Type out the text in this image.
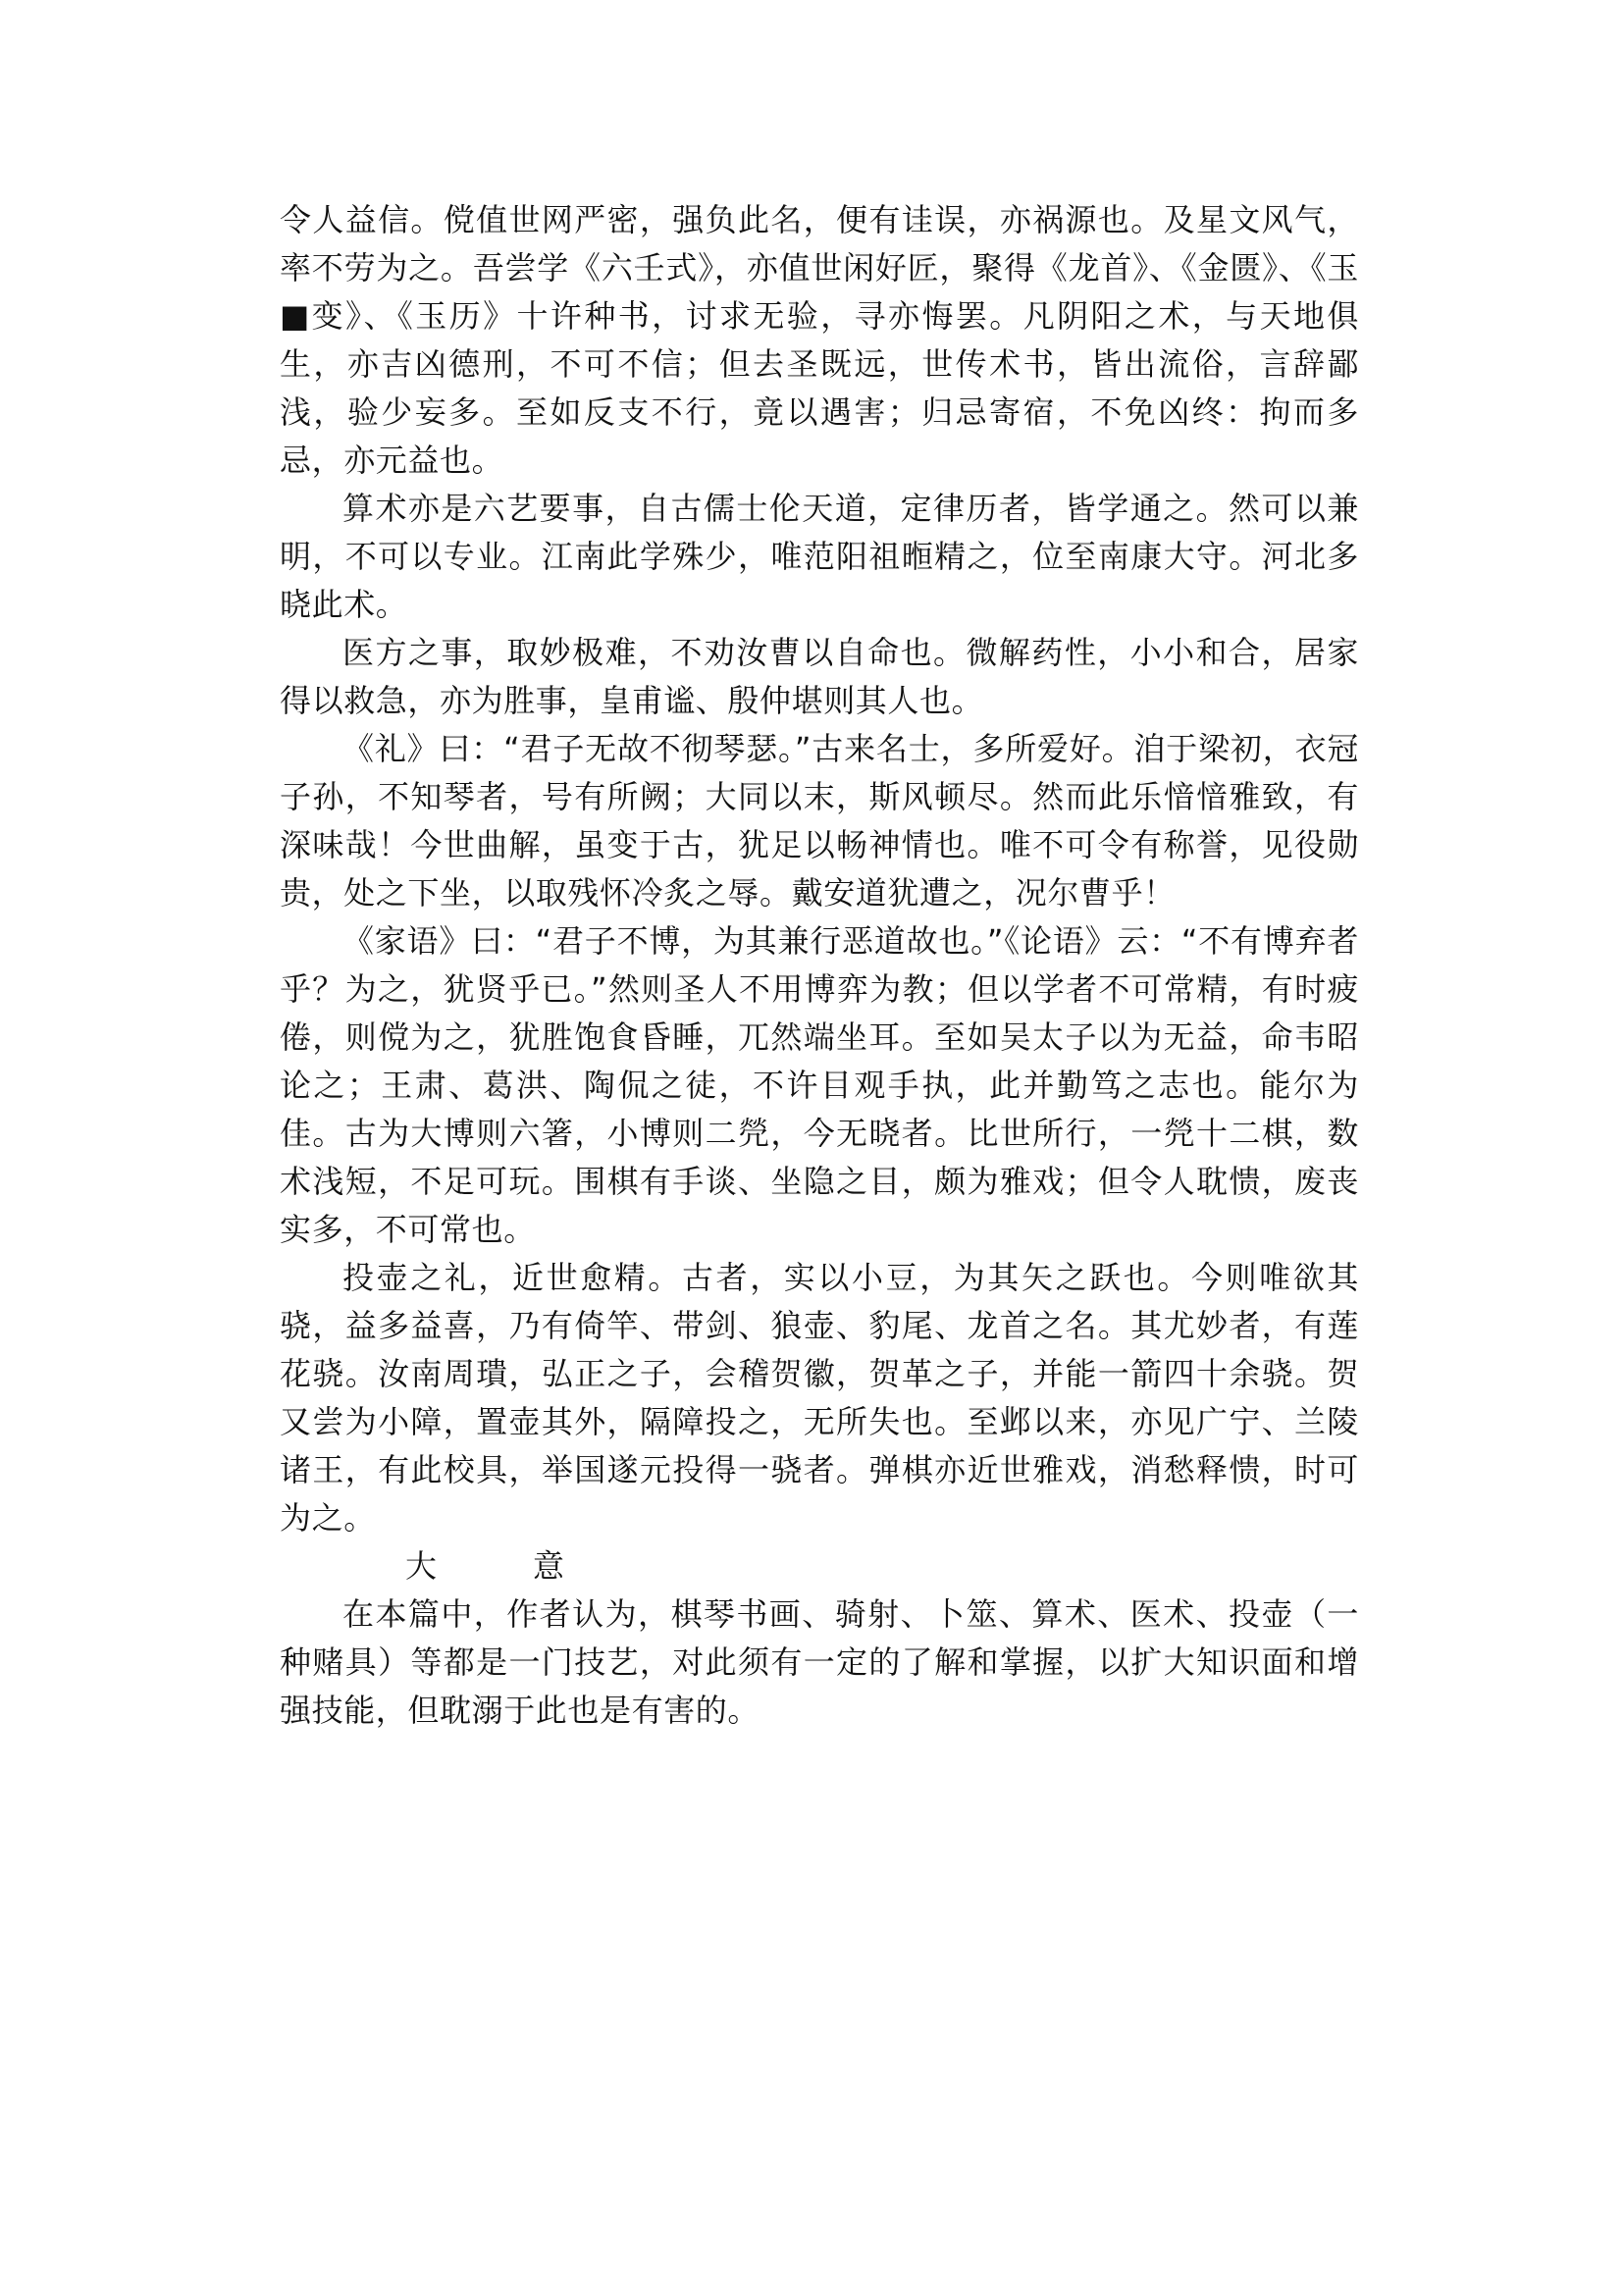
令人益信。傥值世网严密，强负此名，便有诖误，亦祸源也。及星文风气，率不劳为之。吾尝学《六壬式》，亦值世闲好匠，聚得《龙首》、《金匮》、《玉■变》、《玉历》十许种书，讨求无验，寻亦悔罢。凡阴阳之术，与天地俱生，亦吉凶德刑，不可不信；但去圣既远，世传术书，皆出流俗，言辞鄙浅，验少妄多。至如反支不行，竟以遇害；归忌寄宿，不免凶终：拘而多忌，亦元益也。

算术亦是六艺要事，自古儒士伦天道，定律历者，皆学通之。然可以兼明，不可以专业。江南此学殊少，唯范阳祖暅精之，位至南康大守。河北多晓此术。

医方之事，取妙极难，不劝汝曹以自命也。微解药性，小小和合，居家得以救急，亦为胜事，皇甫谧、殷仲堪则其人也。

《礼》曰：“君子无故不彻琴瑟。”古来名士，多所爱好。洎于梁初，衣冠子孙，不知琴者，号有所阙；大同以末，斯风顿尽。然而此乐愔愔雅致，有深味哉！今世曲解，虽变于古，犹足以畅神情也。唯不可令有称誉，见役勋贵，处之下坐，以取残怀冷炙之辱。戴安道犹遭之，况尔曹乎！

《家语》曰：“君子不博，为其兼行恶道故也。”《论语》云：“不有博弃者乎？为之，犹贤乎已。”然则圣人不用博弈为教；但以学者不可常精，有时疲倦，则傥为之，犹胜饱食昏睡，兀然端坐耳。至如吴太子以为无益，命韦昭论之；王肃、葛洪、陶侃之徒，不许目观手执，此并勤笃之志也。能尔为佳。古为大博则六箸，小博则二焭，今无晓者。比世所行，一焭十二棋，数术浅短，不足可玩。围棋有手谈、坐隐之目，颇为雅戏；但令人耽愦，废丧实多，不可常也。

投壶之礼，近世愈精。古者，实以小豆，为其矢之跃也。今则唯欲其骁，益多益喜，乃有倚竿、带剑、狼壶、豹尾、龙首之名。其尤妙者，有莲花骁。汝南周璝，弘正之子，会稽贺徽，贺革之子，并能一箭四十余骁。贺又尝为小障，置壶其外，隔障投之，无所失也。至邺以来，亦见广宁、兰陵诸王，有此校具，举国遂元投得一骁者。弹棋亦近世雅戏，消愁释愦，时可为之。

大	意

在本篇中，作者认为，棋琴书画、骑射、卜筮、算术、医术、投壶（一种赌具）等都是一门技艺，对此须有一定的了解和掌握，以扩大知识面和增强技能，但耽溺于此也是有害的。
